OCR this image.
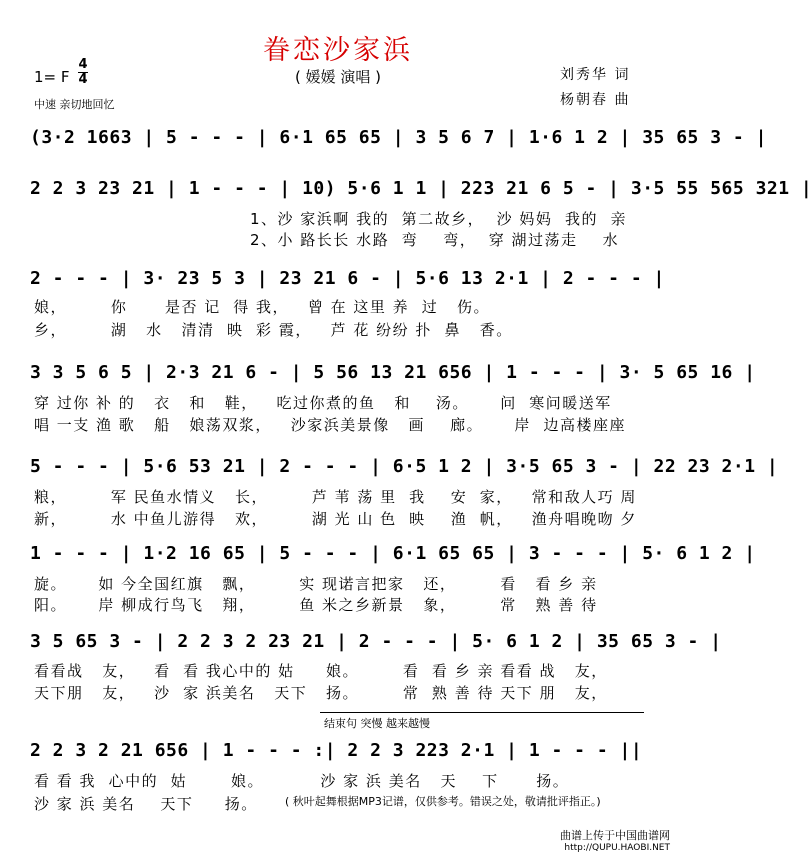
眷恋沙家浜
( 媛媛 演唱 )
1= F
4
4
中速 亲切地回忆
刘秀华 词
杨朝春 曲
(3·2 1663 | 5 - - - | 6·1 65 65 | 3 5 6 7 | 1·6 1 2 | 35 65 3 - |
2 2 3 23 21 | 1 - - - | 10) 5·6 1 1 | 223 21 6 5 - | 3·5 55 565 321 |
1、沙 家浜啊 我的  第二故乡，  沙 妈妈  我的  亲
2、小 路长长 水路  弯    弯，  穿 湖过荡走    水
2 - - - | 3· 23 5 3 | 23 21 6 - | 5·6 13 2·1 | 2 - - - |
娘，       你      是否 记  得 我，   曾 在 这里 养  过   伤。
乡，       湖   水   清清  映  彩 霞，   芦 花 纷纷 扑  鼻   香。
3 3 5 6 5 | 2·3 21 6 - | 5 56 13 21 656 | 1 - - - | 3· 5 65 16 |
穿 过你 补 的   衣   和   鞋，   吃过你煮的鱼   和    汤。     问  寒问暖送军
唱 一支 渔 歌   船   娘荡双浆，   沙家浜美景像   画    廊。     岸  边高楼座座
5 - - - | 5·6 53 21 | 2 - - - | 6·5 1 2 | 3·5 65 3 - | 22 23 2·1 |
粮，       军 民鱼水情义   长，       芦 苇 荡 里  我    安  家，   常和敌人巧 周
新，       水 中鱼儿游得   欢，       湖 光 山 色  映    渔  帆，   渔舟唱晚吻 夕
1 - - - | 1·2 16 65 | 5 - - - | 6·1 65 65 | 3 - - - | 5· 6 1 2 |
旋。     如 今全国红旗   飘，       实 现诺言把家   还，       看   看 乡 亲
阳。     岸 柳成行鸟飞   翔，       鱼 米之乡新景   象，       常   熟 善 待
3 5 65 3 - | 2 2 3 2 23 21 | 2 - - - | 5· 6 1 2 | 35 65 3 - |
看看战   友，   看  看 我心中的 姑     娘。       看  看 乡 亲 看看 战   友，
天下朋   友，   沙  家 浜美名   天下   扬。       常  熟 善 待 天下 朋   友，
结束句 突慢 越来越慢
2 2 3 2 21 656 | 1 - - - :| 2 2 3 223 2·1 | 1 - - - ||
看 看 我  心中的  姑       娘。         沙 家 浜 美名   天    下      扬。
沙 家 浜 美名    天下     扬。	( 秋叶起舞根据MP3记谱，仅供参考。错误之处，敬请批评指正。)
曲谱上传于中国曲谱网
http://QUPU.HAOBI.NET
